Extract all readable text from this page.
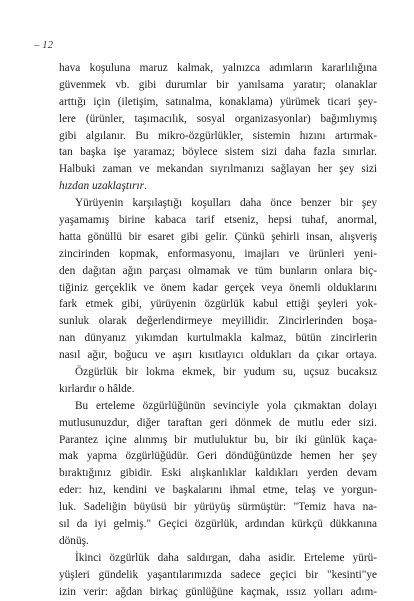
– 12
hava koşuluna maruz kalmak, yalnızca adımların kararlılığına
güvenmek vb. gibi durumlar bir yanılsama yaratır; olanaklar
arttığı için (iletişim, satınalma, konaklama) yürümek ticari şey-
lere (ürünler, taşımacılık, sosyal organizasyonlar) bağımlıymış
gibi algılanır. Bu mikro-özgürlükler, sistemin hızını artırmak-
tan başka işe yaramaz; böylece sistem sizi daha fazla sınırlar.
Halbuki zaman ve mekandan sıyrılmanızı sağlayan her şey sizi
hızdan uzaklaştırır.
Yürüyenin karşılaştığı koşulları daha önce benzer bir şey
yaşamamış birine kabaca tarif etseniz, hepsi tuhaf, anormal,
hatta gönüllü bir esaret gibi gelir. Çünkü şehirli insan, alışveriş
zincirinden kopmak, enformasyonu, imajları ve ürünleri yeni-
den dağıtan ağın parçası olmamak ve tüm bunların onlara biç-
tiğiniz gerçeklik ve önem kadar gerçek veya önemli olduklarını
fark etmek gibi, yürüyenin özgürlük kabul ettiği şeyleri yok-
sunluk olarak değerlendirmeye meyillidir. Zincirlerinden boşa-
nan dünyanız yıkımdan kurtulmakla kalmaz, bütün zincirlerin
nasıl ağır, boğucu ve aşırı kısıtlayıcı oldukları da çıkar ortaya.
Özgürlük bir lokma ekmek, bir yudum su, uçsuz bucaksız
kırlardır o hâlde.
Bu erteleme özgürlüğünün sevinciyle yola çıkmaktan dolayı
mutlusunuzdur, diğer taraftan geri dönmek de mutlu eder sizi.
Parantez içine alınmış bir mutluluktur bu, bir iki günlük kaça-
mak yapma özgürlüğüdür. Geri döndüğünüzde hemen her şey
bıraktığınız gibidir. Eski alışkanlıklar kaldıkları yerden devam
eder: hız, kendini ve başkalarını ihmal etme, telaş ve yorgun-
luk. Sadeliğin büyüsü bir yürüyüş sürmüştür: "Temiz hava na-
sıl da iyi gelmiş." Geçici özgürlük, ardından kürkçü dükkanına
dönüş.
İkinci özgürlük daha saldırgan, daha asidir. Erteleme yürü-
yüşleri gündelik yaşantılarımızda sadece geçici bir "kesinti"ye
izin verir: ağdan birkaç günlüğüne kaçmak, ıssız yolları adım-
